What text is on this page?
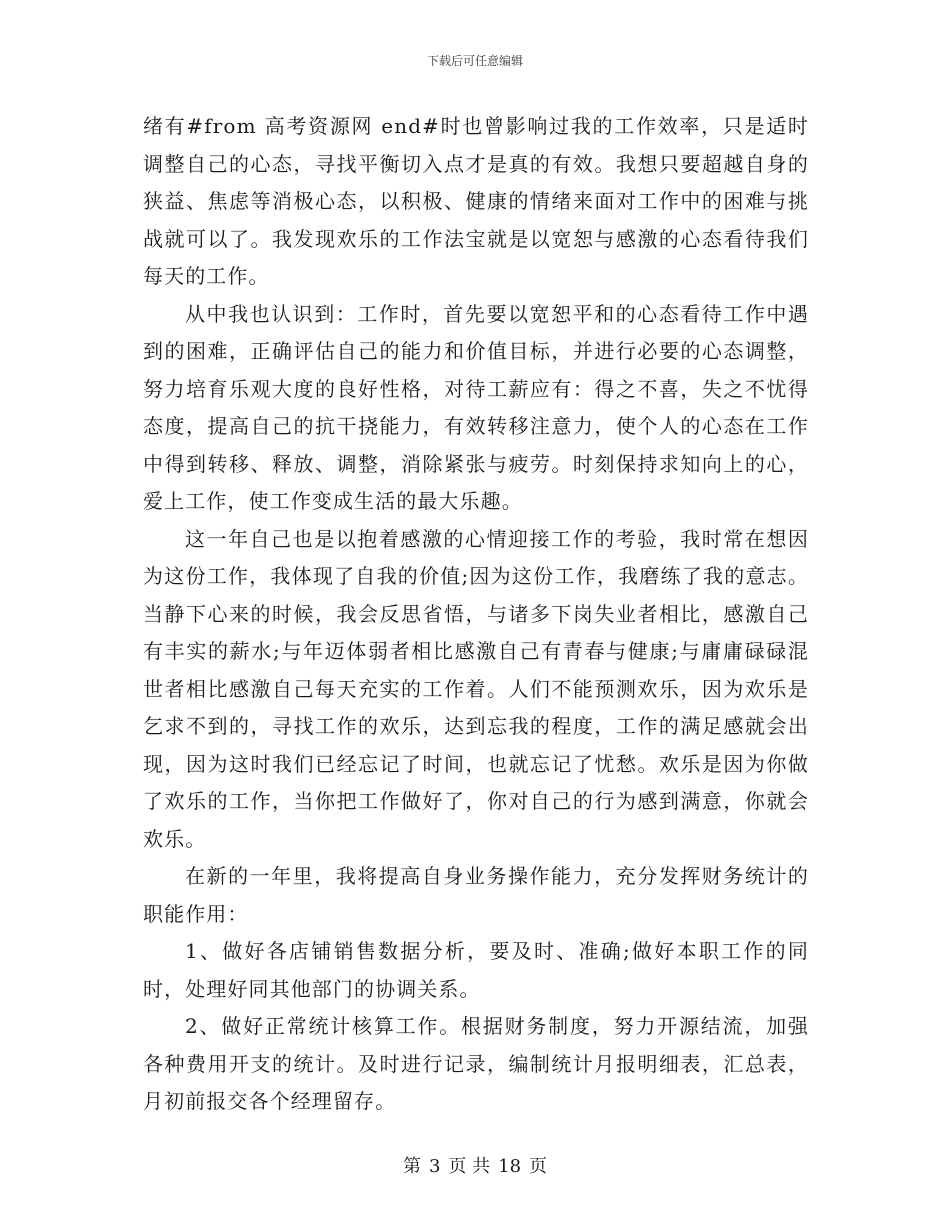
下载后可任意编辑

绪有#from 高考资源网 end#时也曾影响过我的工作效率，只是适时调整自己的心态，寻找平衡切入点才是真的有效。我想只要超越自身的狭益、焦虑等消极心态，以积极、健康的情绪来面对工作中的困难与挑战就可以了。我发现欢乐的工作法宝就是以宽恕与感激的心态看待我们每天的工作。

从中我也认识到：工作时，首先要以宽恕平和的心态看待工作中遇到的困难，正确评估自己的能力和价值目标，并进行必要的心态调整，努力培育乐观大度的良好性格，对待工薪应有：得之不喜，失之不忧得态度，提高自己的抗干挠能力，有效转移注意力，使个人的心态在工作中得到转移、释放、调整，消除紧张与疲劳。时刻保持求知向上的心，爱上工作，使工作变成生活的最大乐趣。

这一年自己也是以抱着感激的心情迎接工作的考验，我时常在想因为这份工作，我体现了自我的价值;因为这份工作，我磨练了我的意志。当静下心来的时候，我会反思省悟，与诸多下岗失业者相比，感激自己有丰实的薪水;与年迈体弱者相比感激自己有青春与健康;与庸庸碌碌混世者相比感激自己每天充实的工作着。人们不能预测欢乐，因为欢乐是乞求不到的，寻找工作的欢乐，达到忘我的程度，工作的满足感就会出现，因为这时我们已经忘记了时间，也就忘记了忧愁。欢乐是因为你做了欢乐的工作，当你把工作做好了，你对自己的行为感到满意，你就会欢乐。

在新的一年里，我将提高自身业务操作能力，充分发挥财务统计的职能作用：

1、做好各店铺销售数据分析，要及时、准确;做好本职工作的同时，处理好同其他部门的协调关系。

2、做好正常统计核算工作。根据财务制度，努力开源结流，加强各种费用开支的统计。及时进行记录，编制统计月报明细表，汇总表，月初前报交各个经理留存。

第 3 页 共 18 页
